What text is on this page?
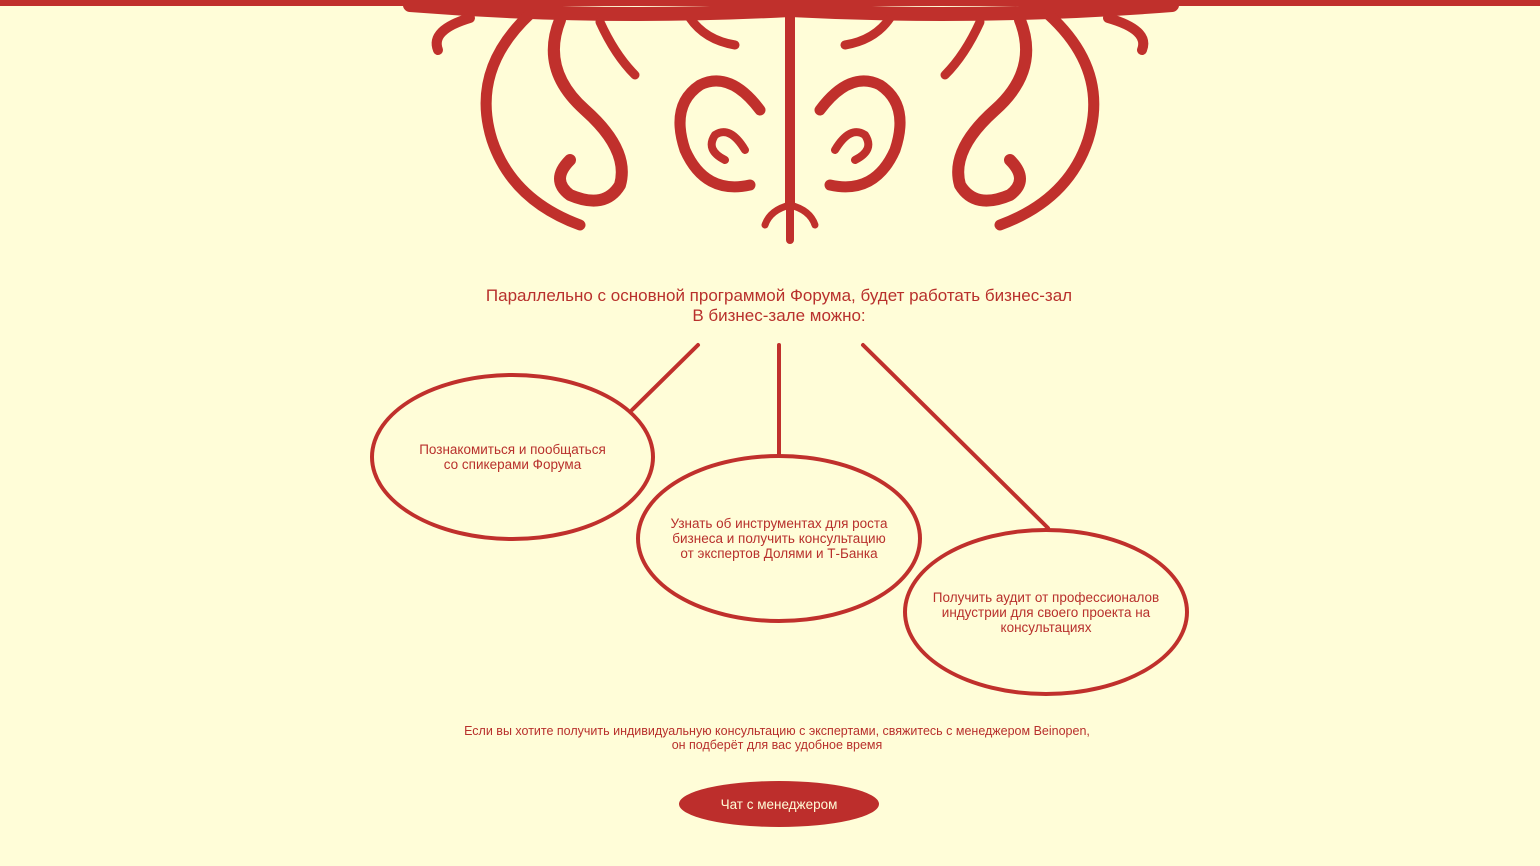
Параллельно с основной программой Форума, будет работать бизнес-зал
В бизнес-зале можно:
Познакомиться и пообщаться
со спикерами Форума
Узнать об инструментах для роста
бизнеса и получить консультацию
от экспертов Долями и Т-Банка
Получить аудит от профессионалов
индустрии для своего проекта на
консультациях
Если вы хотите получить индивидуальную консультацию с экспертами, свяжитесь с менеджером Beinopen,
он подберёт для вас удобное время
Чат с менеджером
